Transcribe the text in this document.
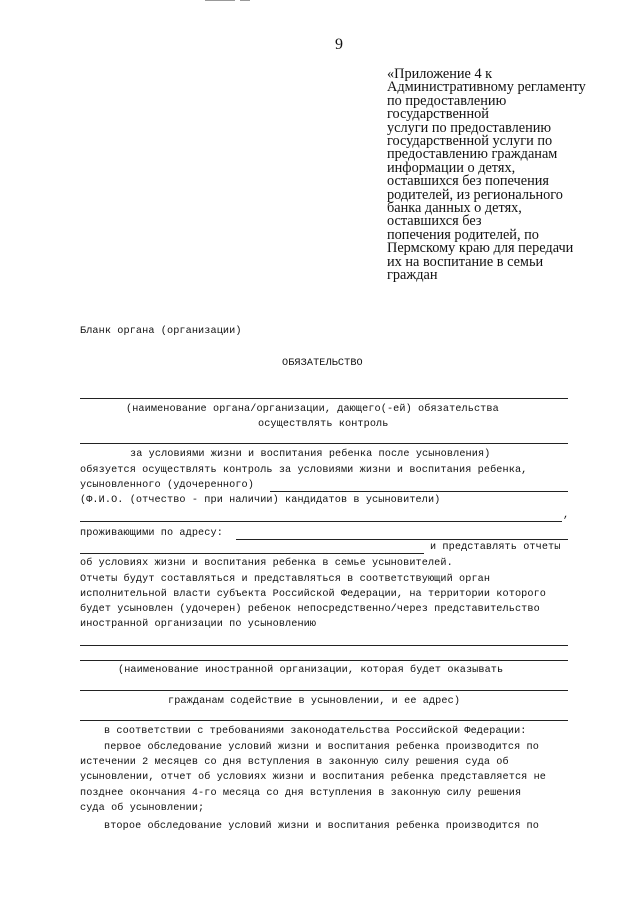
9
«Приложение 4 к
Административному регламенту
по предоставлению
государственной
услуги по предоставлению
государственной услуги по
предоставлению гражданам
информации о детях,
оставшихся без попечения
родителей, из регионального
банка данных о детях,
оставшихся без
попечения родителей, по
Пермскому краю для передачи
их на воспитание в семьи
граждан
Бланк органа (организации)
ОБЯЗАТЕЛЬСТВО
(наименование органа/организации, дающего(-ей) обязательства
осуществлять контроль
за условиями жизни и воспитания ребенка после усыновления)
обязуется осуществлять контроль за условиями жизни и воспитания ребенка,
усыновленного (удочеренного)
(Ф.И.О. (отчество - при наличии) кандидатов в усыновители)
,
проживающими по адресу:
и представлять отчеты
об условиях жизни и воспитания ребенка в семье усыновителей.
Отчеты будут составляться и представляться в соответствующий орган
исполнительной власти субъекта Российской Федерации, на территории которого
будет усыновлен (удочерен) ребенок непосредственно/через представительство
иностранной организации по усыновлению
(наименование иностранной организации, которая будет оказывать
гражданам содействие в усыновлении, и ее адрес)
в соответствии с требованиями законодательства Российской Федерации:
первое обследование условий жизни и воспитания ребенка производится по
истечении 2 месяцев со дня вступления в законную силу решения суда об
усыновлении, отчет об условиях жизни и воспитания ребенка представляется не
позднее окончания 4-го месяца со дня вступления в законную силу решения
суда об усыновлении;
второе обследование условий жизни и воспитания ребенка производится по
